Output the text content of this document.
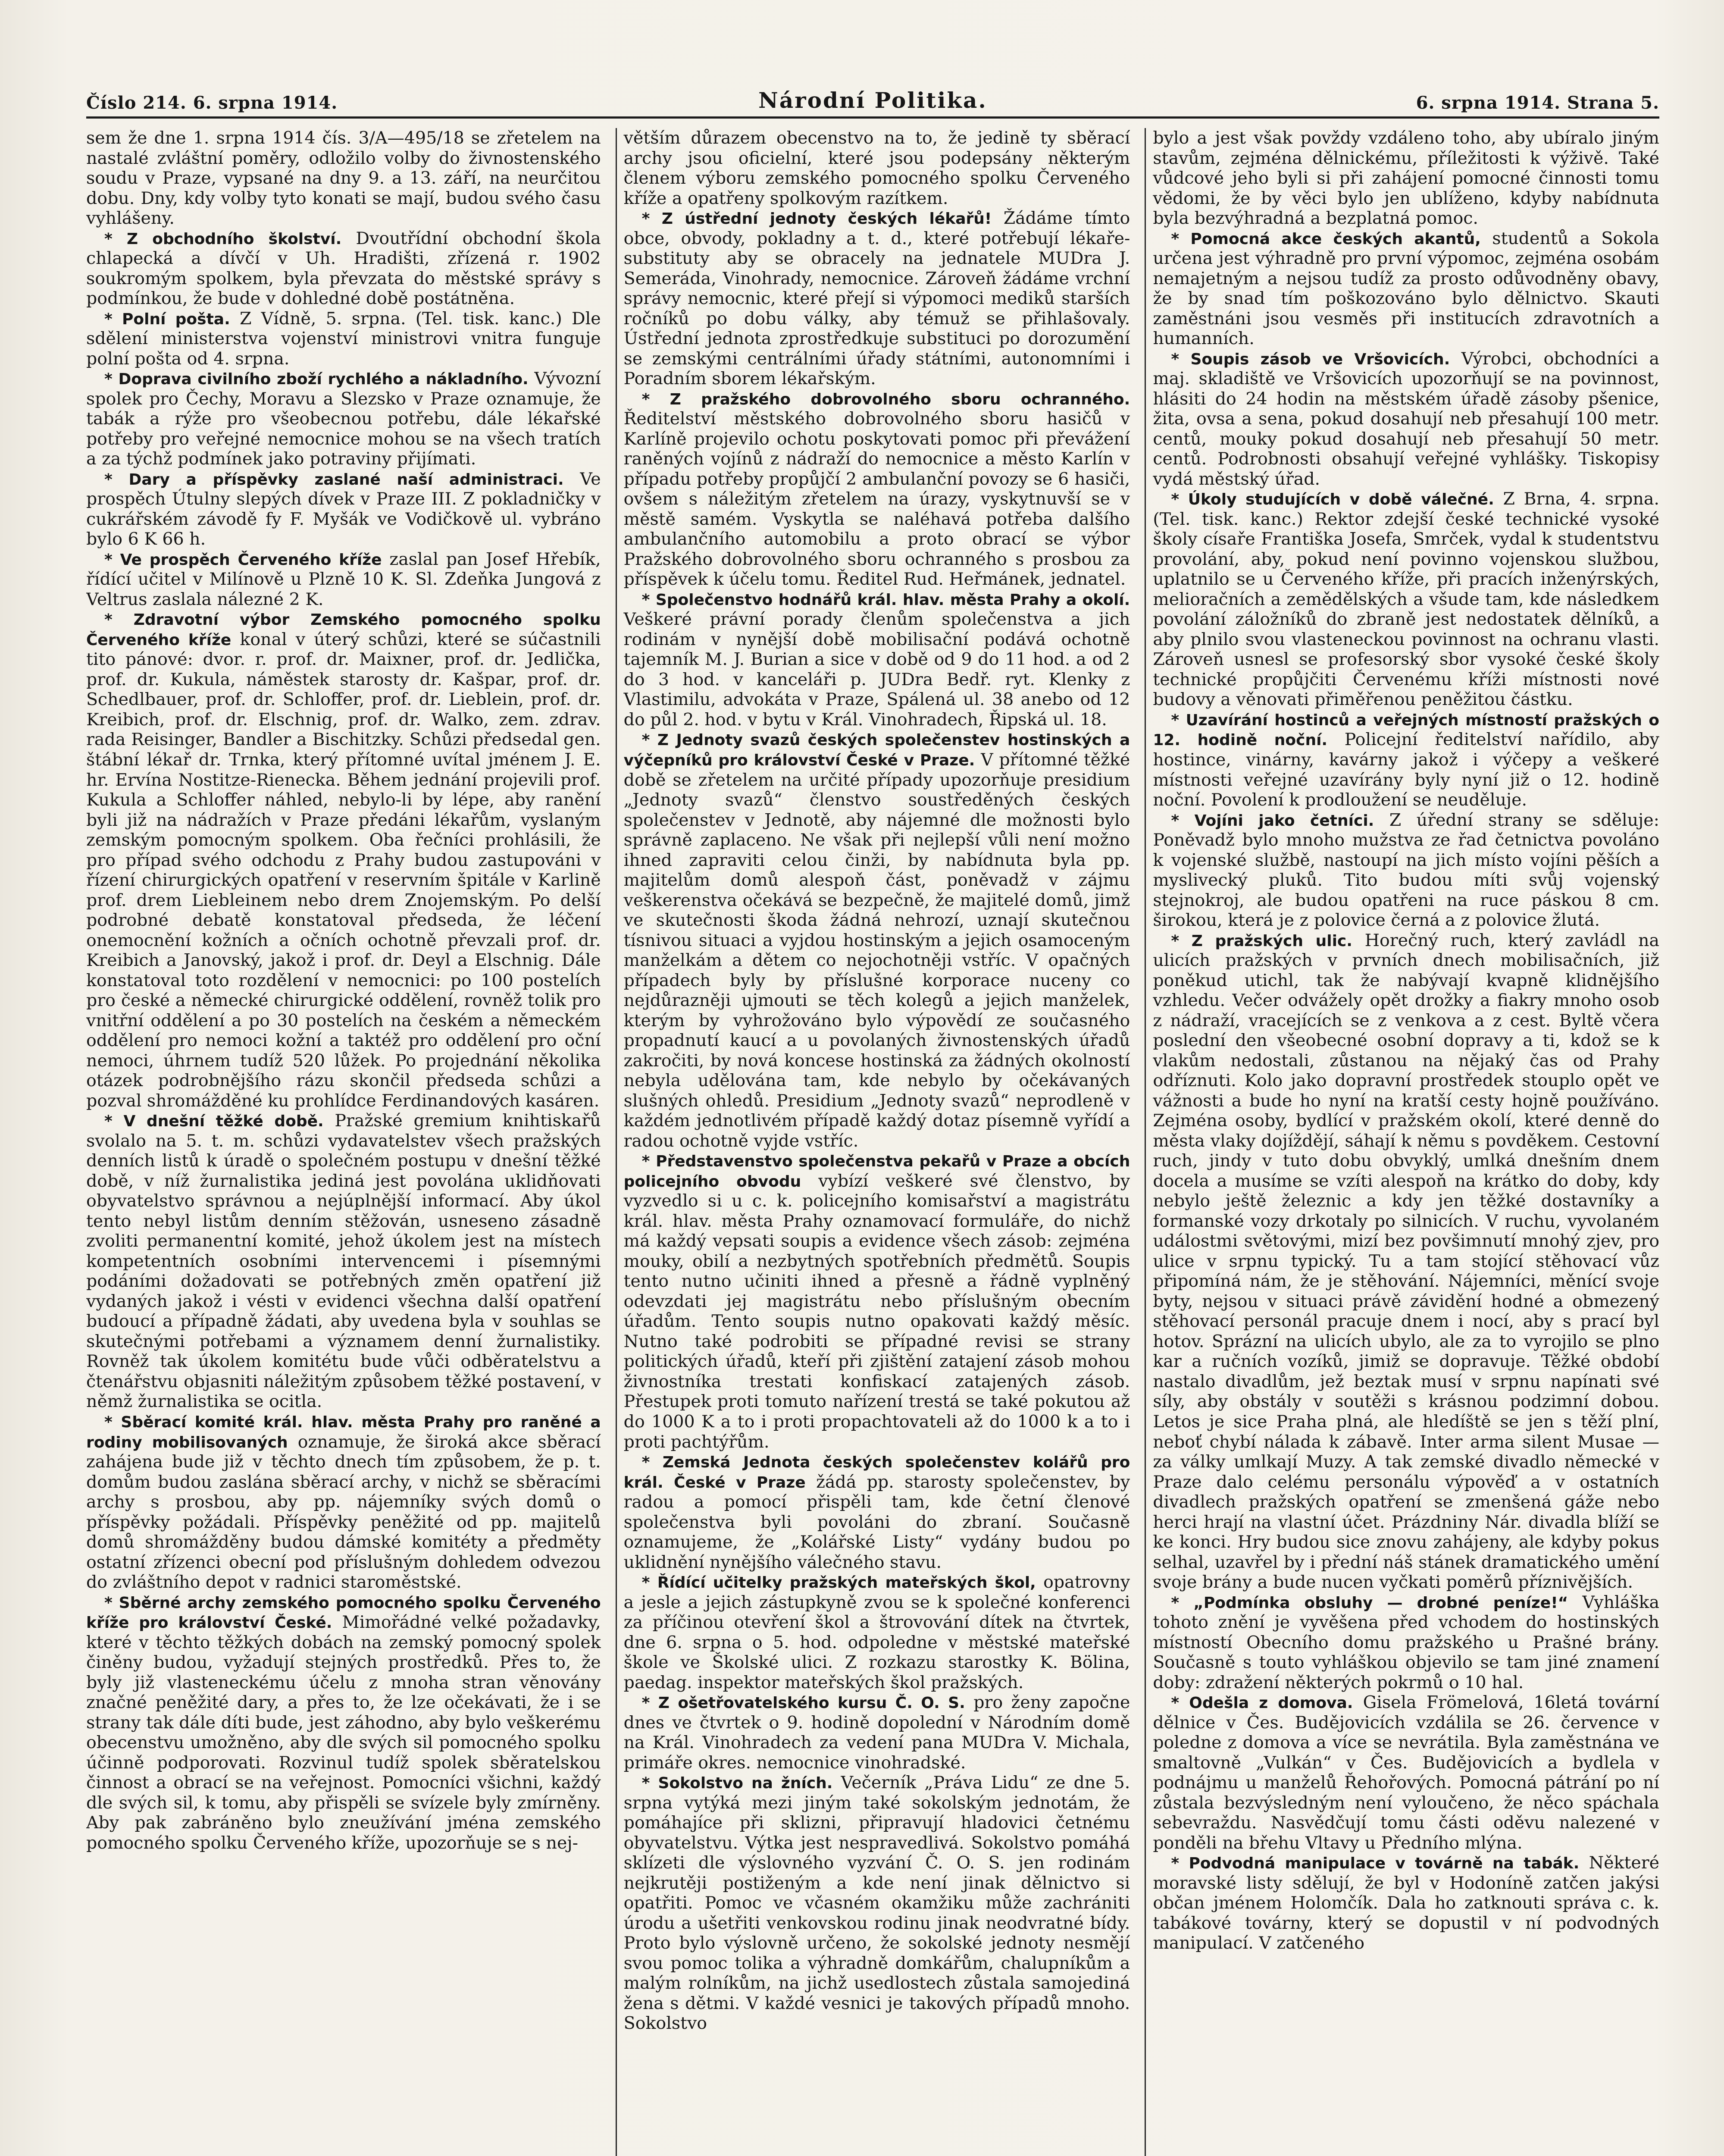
Číslo 214. 6. srpna 1914.	Národní Politika.	6. srpna 1914. Strana 5.

sem že dne 1. srpna 1914 čís. 3/A—495/18 se zřetelem na nastalé zvláštní poměry, odložilo volby do živnostenského soudu v Praze, vypsané na dny 9. a 13. září, na neurčitou dobu. Dny, kdy volby tyto konati se mají, budou svého času vyhlášeny.

* Z obchodního školství. Dvoutřídní obchodní škola chlapecká a dívčí v Uh. Hradišti, zřízená r. 1902 soukromým spolkem, byla převzata do městské správy s podmínkou, že bude v dohledné době postátněna.

* Polní pošta. Z Vídně, 5. srpna. (Tel. tisk. kanc.) Dle sdělení ministerstva vojenství ministrovi vnitra funguje polní pošta od 4. srpna.

* Doprava civilního zboží rychlého a nákladního. Vývozní spolek pro Čechy, Moravu a Slezsko v Praze oznamuje, že tabák a rýže pro všeobecnou potřebu, dále lékařské potřeby pro veřejné nemocnice mohou se na všech tratích a za týchž podmínek jako potraviny přijímati.

* Dary a příspěvky zaslané naší administraci. Ve prospěch Útulny slepých dívek v Praze III. Z pokladničky v cukrářském závodě fy F. Myšák ve Vodičkově ul. vybráno bylo 6 K 66 h.

* Ve prospěch Červeného kříže zaslal pan Josef Hřebík, řídící učitel v Milínově u Plzně 10 K. Sl. Zdeňka Jungová z Veltrus zaslala nálezné 2 K.

* Zdravotní výbor Zemského pomocného spolku Červeného kříže konal v úterý schůzi, které se súčastnili tito pánové: dvor. r. prof. dr. Maixner, prof. dr. Jedlička, prof. dr. Kukula, náměstek starosty dr. Kašpar, prof. dr. Schedlbauer, prof. dr. Schloffer, prof. dr. Lieblein, prof. dr. Kreibich, prof. dr. Elschnig, prof. dr. Walko, zem. zdrav. rada Reisinger, Bandler a Bischitzky. Schůzi předsedal gen. štábní lékař dr. Trnka, který přítomné uvítal jménem J. E. hr. Ervína Nostitze-Rienecka. Během jednání projevili prof. Kukula a Schloffer náhled, nebylo-li by lépe, aby ranění byli již na nádražích v Praze předáni lékařům, vyslaným zemským pomocným spolkem. Oba řečníci prohlásili, že pro případ svého odchodu z Prahy budou zastupováni v řízení chirurgických opatření v reservním špitále v Karlině prof. drem Liebleinem nebo drem Znojemským. Po delší podrobné debatě konstatoval předseda, že léčení onemocnění kožních a očních ochotně převzali prof. dr. Kreibich a Janovský, jakož i prof. dr. Deyl a Elschnig. Dále konstatoval toto rozdělení v nemocnici: po 100 postelích pro české a německé chirurgické oddělení, rovněž tolik pro vnitřní oddělení a po 30 postelích na českém a německém oddělení pro nemoci kožní a taktéž pro oddělení pro oční nemoci, úhrnem tudíž 520 lůžek. Po projednání několika otázek podrobnějšího rázu skončil předseda schůzi a pozval shromážděné ku prohlídce Ferdinandových kasáren.

* V dnešní těžké době. Pražské gremium knihtiskařů svolalo na 5. t. m. schůzi vydavatelstev všech pražských denních listů k úradě o společném postupu v dnešní těžké době, v níž žurnalistika jediná jest povolána uklidňovati obyvatelstvo správnou a nejúplnější informací. Aby úkol tento nebyl listům denním stěžován, usneseno zásadně zvoliti permanentní komité, jehož úkolem jest na místech kompetentních osobními intervencemi i písemnými podáními dožadovati se potřebných změn opatření již vydaných jakož i vésti v evidenci všechna další opatření budoucí a případně žádati, aby uvedena byla v souhlas se skutečnými potřebami a významem denní žurnalistiky. Rovněž tak úkolem komitétu bude vůči odběratelstvu a čtenářstvu objasniti náležitým způsobem těžké postavení, v němž žurnalistika se ocitla.

* Sběrací komité král. hlav. města Prahy pro raněné a rodiny mobilisovaných oznamuje, že široká akce sběrací zahájena bude již v těchto dnech tím způsobem, že p. t. domům budou zaslána sběrací archy, v nichž se sběracími archy s prosbou, aby pp. nájemníky svých domů o příspěvky požádali. Příspěvky peněžité od pp. majitelů domů shromážděny budou dámské komitéty a předměty ostatní zřízenci obecní pod příslušným dohledem odvezou do zvláštního depot v radnici staroměstské.

* Sběrné archy zemského pomocného spolku Červeného kříže pro království České. Mimořádné velké požadavky, které v těchto těžkých dobách na zemský pomocný spolek činěny budou, vyžadují stejných prostředků. Přes to, že byly již vlasteneckému účelu z mnoha stran věnovány značné peněžité dary, a přes to, že lze očekávati, že i se strany tak dále díti bude, jest záhodno, aby bylo veškerému obecenstvu umožněno, aby dle svých sil pomocného spolku účinně podporovati. Rozvinul tudíž spolek sběratelskou činnost a obrací se na veřejnost. Pomocníci všichni, každý dle svých sil, k tomu, aby přispěli se svízele byly zmírněny. Aby pak zabráněno bylo zneužívání jména zemského pomocného spolku Červeného kříže, upozorňuje se s nej-

větším důrazem obecenstvo na to, že jedině ty sběrací archy jsou oficielní, které jsou podepsány některým členem výboru zemského pomocného spolku Červeného kříže a opatřeny spolkovým razítkem.

* Z ústřední jednoty českých lékařů! Žádáme tímto obce, obvody, pokladny a t. d., které potřebují lékaře-substituty aby se obracely na jednatele MUDra J. Semeráda, Vinohrady, nemocnice. Zároveň žádáme vrchní správy nemocnic, které přejí si výpomoci mediků starších ročníků po dobu války, aby témuž se přihlašovaly. Ústřední jednota zprostředkuje substituci po dorozumění se zemskými centrálními úřady státními, autonomními i Poradním sborem lékařským.

* Z pražského dobrovolného sboru ochranného. Ředitelství městského dobrovolného sboru hasičů v Karlíně projevilo ochotu poskytovati pomoc při převážení raněných vojínů z nádraží do nemocnice a město Karlín v případu potřeby propůjčí 2 ambulanční povozy se 6 hasiči, ovšem s náležitým zřetelem na úrazy, vyskytnuvší se v městě samém. Vyskytla se naléhavá potřeba dalšího ambulančního automobilu a proto obrací se výbor Pražského dobrovolného sboru ochranného s prosbou za příspěvek k účelu tomu. Ředitel Rud. Heřmánek, jednatel.

* Společenstvo hodnářů král. hlav. města Prahy a okolí. Veškeré právní porady členům společenstva a jich rodinám v nynější době mobilisační podává ochotně tajemník M. J. Burian a sice v době od 9 do 11 hod. a od 2 do 3 hod. v kanceláři p. JUDra Bedř. ryt. Klenky z Vlastimilu, advokáta v Praze, Spálená ul. 38 anebo od 12 do půl 2. hod. v bytu v Král. Vinohradech, Řipská ul. 18.

* Z Jednoty svazů českých společenstev hostinských a výčepníků pro království České v Praze. V přítomné těžké době se zřetelem na určité případy upozorňuje presidium „Jednoty svazů“ členstvo soustředěných českých společenstev v Jednotě, aby nájemné dle možnosti bylo správně zaplaceno. Ne však při nejlepší vůli není možno ihned zapraviti celou činži, by nabídnuta byla pp. majitelům domů alespoň část, poněvadž v zájmu veškerenstva očekává se bezpečně, že majitelé domů, jimž ve skutečnosti škoda žádná nehrozí, uznají skutečnou tísnivou situaci a vyjdou hostinským a jejich osamoceným manželkám a dětem co nejochotněji vstříc. V opačných případech byly by příslušné korporace nuceny co nejdůrazněji ujmouti se těch kolegů a jejich manželek, kterým by vyhrožováno bylo výpovědí ze současného propadnutí kaucí a u povolaných živnostenských úřadů zakročiti, by nová koncese hostinská za žádných okolností nebyla udělována tam, kde nebylo by očekávaných slušných ohledů. Presidium „Jednoty svazů“ neprodleně v každém jednotlivém případě každý dotaz písemně vyřídí a radou ochotně vyjde vstříc.

* Představenstvo společenstva pekařů v Praze a obcích policejního obvodu vybízí veškeré své členstvo, by vyzvedlo si u c. k. policejního komisařství a magistrátu král. hlav. města Prahy oznamovací formuláře, do nichž má každý vepsati soupis a evidence všech zásob: zejména mouky, obilí a nezbytných spotřebních předmětů. Soupis tento nutno učiniti ihned a přesně a řádně vyplněný odevzdati jej magistrátu nebo příslušným obecním úřadům. Tento soupis nutno opakovati každý měsíc. Nutno také podrobiti se případné revisi se strany politických úřadů, kteří při zjištění zatajení zásob mohou živnostníka trestati konfiskací zatajených zásob. Přestupek proti tomuto nařízení trestá se také pokutou až do 1000 K a to i proti propachtovateli až do 1000 k a to i proti pachtýřům.

* Zemská Jednota českých společenstev kolářů pro král. České v Praze žádá pp. starosty společenstev, by radou a pomocí přispěli tam, kde četní členové společenstva byli povoláni do zbraní. Současně oznamujeme, že „Kolářské Listy“ vydány budou po uklidnění nynějšího válečného stavu.

* Řídící učitelky pražských mateřských škol, opatrovny a jesle a jejich zástupkyně zvou se k společné konferenci za příčinou otevření škol a štrovování dítek na čtvrtek, dne 6. srpna o 5. hod. odpoledne v městské mateřské škole ve Školské ulici. Z rozkazu starostky K. Bölina, paedag. inspektor mateřských škol pražských.

* Z ošetřovatelského kursu Č. O. S. pro ženy započne dnes ve čtvrtek o 9. hodině dopolední v Národním domě na Král. Vinohradech za vedení pana MUDra V. Michala, primáře okres. nemocnice vinohradské.

* Sokolstvo na žních. Večerník „Práva Lidu“ ze dne 5. srpna vytýká mezi jiným také sokolským jednotám, že pomáhajíce při sklizni, připravují hladovici četnému obyvatelstvu. Výtka jest nespravedlivá. Sokolstvo pomáhá sklízeti dle výslovného vyzvání Č. O. S. jen rodinám nejkrutěji postiženým a kde není jinak dělnictvo si opatřiti. Pomoc ve včasném okamžiku může zachrániti úrodu a ušetřiti venkovskou rodinu jinak neodvratné bídy. Proto bylo výslovně určeno, že sokolské jednoty nesmějí svou pomoc tolika a výhradně domkářům, chalupníkům a malým rolníkům, na jichž usedlostech zůstala samojediná žena s dětmi. V každé vesnici je takových případů mnoho. Sokolstvo

bylo a jest však povždy vzdáleno toho, aby ubíralo jiným stavům, zejména dělnickému, příležitosti k výživě. Také vůdcové jeho byli si při zahájení pomocné činnosti tomu vědomi, že by věci bylo jen ublíženo, kdyby nabídnuta byla bezvýhradná a bezplatná pomoc.

* Pomocná akce českých akantů, studentů a Sokola určena jest výhradně pro první výpomoc, zejména osobám nemajetným a nejsou tudíž za prosto odůvodněny obavy, že by snad tím poškozováno bylo dělnictvo. Skauti zaměstnáni jsou vesměs při institucích zdravotních a humanních.

* Soupis zásob ve Vršovicích. Výrobci, obchodníci a maj. skladiště ve Vršovicích upozorňují se na povinnost, hlásiti do 24 hodin na městském úřadě zásoby pšenice, žita, ovsa a sena, pokud dosahují neb přesahují 100 metr. centů, mouky pokud dosahují neb přesahují 50 metr. centů. Podrobnosti obsahují veřejné vyhlášky. Tiskopisy vydá městský úřad.

* Úkoly studujících v době válečné. Z Brna, 4. srpna. (Tel. tisk. kanc.) Rektor zdejší české technické vysoké školy císaře Františka Josefa, Smrček, vydal k studentstvu provolání, aby, pokud není povinno vojenskou službou, uplatnilo se u Červeného kříže, při pracích inženýrských, melioračních a zemědělských a všude tam, kde následkem povolání záložníků do zbraně jest nedostatek dělníků, a aby plnilo svou vlasteneckou povinnost na ochranu vlasti. Zároveň usnesl se profesorský sbor vysoké české školy technické propůjčiti Červenému kříži místnosti nové budovy a věnovati přiměřenou peněžitou částku.

* Uzavírání hostinců a veřejných místností pražských o 12. hodině noční. Policejní ředitelství nařídilo, aby hostince, vinárny, kavárny jakož i výčepy a veškeré místnosti veřejné uzavírány byly nyní již o 12. hodině noční. Povolení k prodloužení se neuděluje.

* Vojíni jako četníci. Z úřední strany se sděluje: Poněvadž bylo mnoho mužstva ze řad četnictva povoláno k vojenské službě, nastoupí na jich místo vojíni pěších a myslivecký pluků. Tito budou míti svůj vojenský stejnokroj, ale budou opatřeni na ruce páskou 8 cm. širokou, která je z polovice černá a z polovice žlutá.

* Z pražských ulic. Horečný ruch, který zavládl na ulicích pražských v prvních dnech mobilisačních, již poněkud utichl, tak že nabývají kvapně klidnějšího vzhledu. Večer odvážely opět drožky a fiakry mnoho osob z nádraží, vracejících se z venkova a z cest. Byltě včera poslední den všeobecné osobní dopravy a ti, kdož se k vlakům nedostali, zůstanou na nějaký čas od Prahy odříznuti. Kolo jako dopravní prostředek stouplo opět ve vážnosti a bude ho nyní na kratší cesty hojně používáno. Zejména osoby, bydlící v pražském okolí, které denně do města vlaky dojíždějí, sáhají k němu s povděkem. Cestovní ruch, jindy v tuto dobu obvyklý, umlká dnešním dnem docela a musíme se vzíti alespoň na krátko do doby, kdy nebylo ještě železnic a kdy jen těžké dostavníky a formanské vozy drkotaly po silnicích. V ruchu, vyvolaném událostmi světovými, mizí bez povšimnutí mnohý zjev, pro ulice v srpnu typický. Tu a tam stojící stěhovací vůz připomíná nám, že je stěhování. Nájemníci, měnící svoje byty, nejsou v situaci právě závidění hodné a obmezený stěhovací personál pracuje dnem i nocí, aby s prací byl hotov. Sprázní na ulicích ubylo, ale za to vyrojilo se plno kar a ručních vozíků, jimiž se dopravuje. Těžké období nastalo divadlům, jež beztak musí v srpnu napínati své síly, aby obstály v soutěži s krásnou podzimní dobou. Letos je sice Praha plná, ale hledíště se jen s těží plní, neboť chybí nálada k zábavě. Inter arma silent Musae — za války umlkají Muzy. A tak zemské divadlo německé v Praze dalo celému personálu výpověď a v ostatních divadlech pražských opatření se zmenšená gáže nebo herci hrají na vlastní účet. Prázdniny Nár. divadla blíží se ke konci. Hry budou sice znovu zahájeny, ale kdyby pokus selhal, uzavřel by i přední náš stánek dramatického umění svoje brány a bude nucen vyčkati poměrů příznivějších.

* „Podmínka obsluhy — drobné peníze!“ Vyhláška tohoto znění je vyvěšena před vchodem do hostinských místností Obecního domu pražského u Prašné brány. Současně s touto vyhláškou objevilo se tam jiné znamení doby: zdražení některých pokrmů o 10 hal.

* Odešla z domova. Gisela Frömelová, 16letá tovární dělnice v Čes. Budějovicích vzdálila se 26. července v poledne z domova a více se nevrátila. Byla zaměstnána ve smaltovně „Vulkán“ v Čes. Budějovicích a bydlela v podnájmu u manželů Řehořových. Pomocná pátrání po ní zůstala bezvýsledným není vyloučeno, že něco spáchala sebevraždu. Nasvědčují tomu části oděvu nalezené v ponděli na břehu Vltavy u Předního mlýna.

* Podvodná manipulace v továrně na tabák. Některé moravské listy sdělují, že byl v Hodoníně zatčen jakýsi občan jménem Holomčík. Dala ho zatknouti správa c. k. tabákové továrny, který se dopustil v ní podvodných manipulací. V zatčeného
